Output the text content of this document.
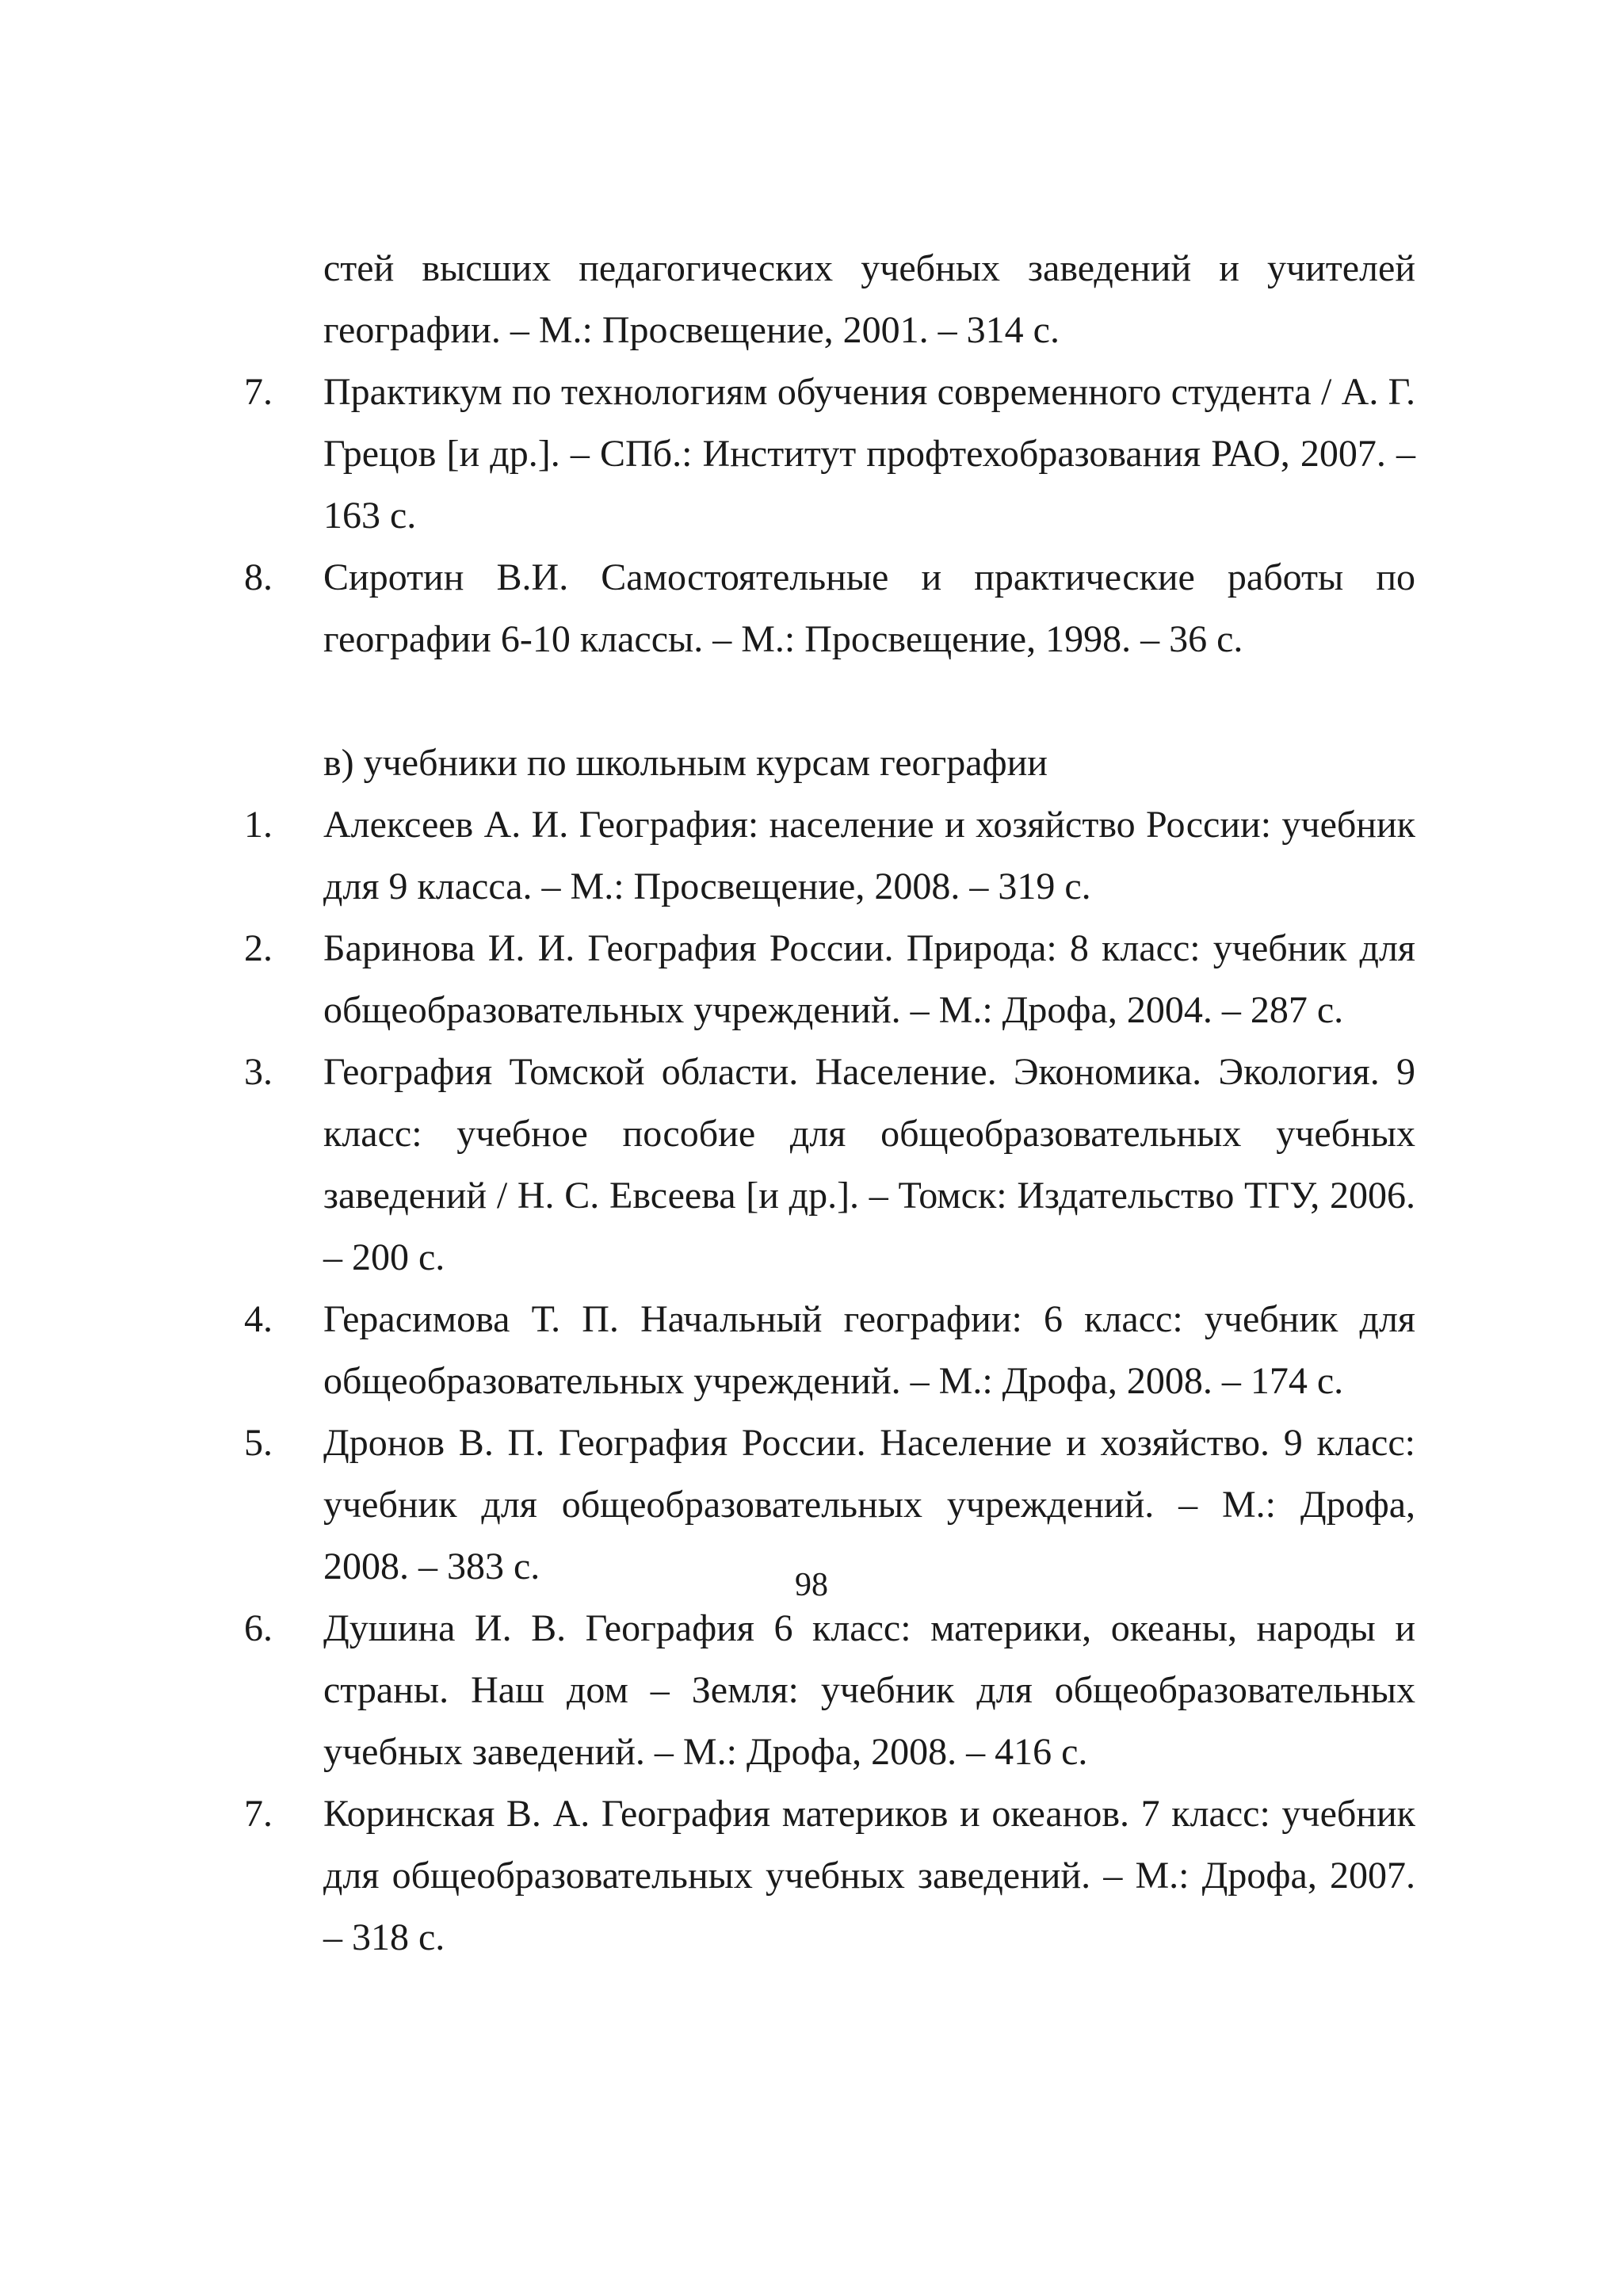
стей высших педагогических учебных заведений и учителей географии. – М.: Просвещение, 2001. – 314 с.
7. Практикум по технологиям обучения современного студента / А. Г. Грецов [и др.]. – СПб.: Институт профтехобразования РАО, 2007. – 163 с.
8. Сиротин В.И. Самостоятельные и практические работы по географии 6-10 классы. – М.: Просвещение, 1998. – 36 с.
в) учебники по школьным курсам географии
1. Алексеев А. И. География: население и хозяйство России: учебник для 9 класса. – М.: Просвещение, 2008. – 319 с.
2. Баринова И. И. География России. Природа: 8 класс: учебник для общеобразовательных учреждений. – М.: Дрофа, 2004. – 287 с.
3. География Томской области. Население. Экономика. Экология. 9 класс: учебное пособие для общеобразовательных учебных заведений / Н. С. Евсеева [и др.]. – Томск: Издательство ТГУ, 2006. – 200 с.
4. Герасимова Т. П. Начальный географии: 6 класс: учебник для общеобразовательных учреждений. – М.: Дрофа, 2008. – 174 с.
5. Дронов В. П. География России. Население и хозяйство. 9 класс: учебник для общеобразовательных учреждений. – М.: Дрофа, 2008. – 383 с.
6. Душина И. В. География 6 класс: материки, океаны, народы и страны. Наш дом – Земля: учебник для общеобразовательных учебных заведений. – М.: Дрофа, 2008. – 416 с.
7. Коринская В. А. География материков и океанов. 7 класс: учебник для общеобразовательных учебных заведений. – М.: Дрофа, 2007. – 318 с.
98
